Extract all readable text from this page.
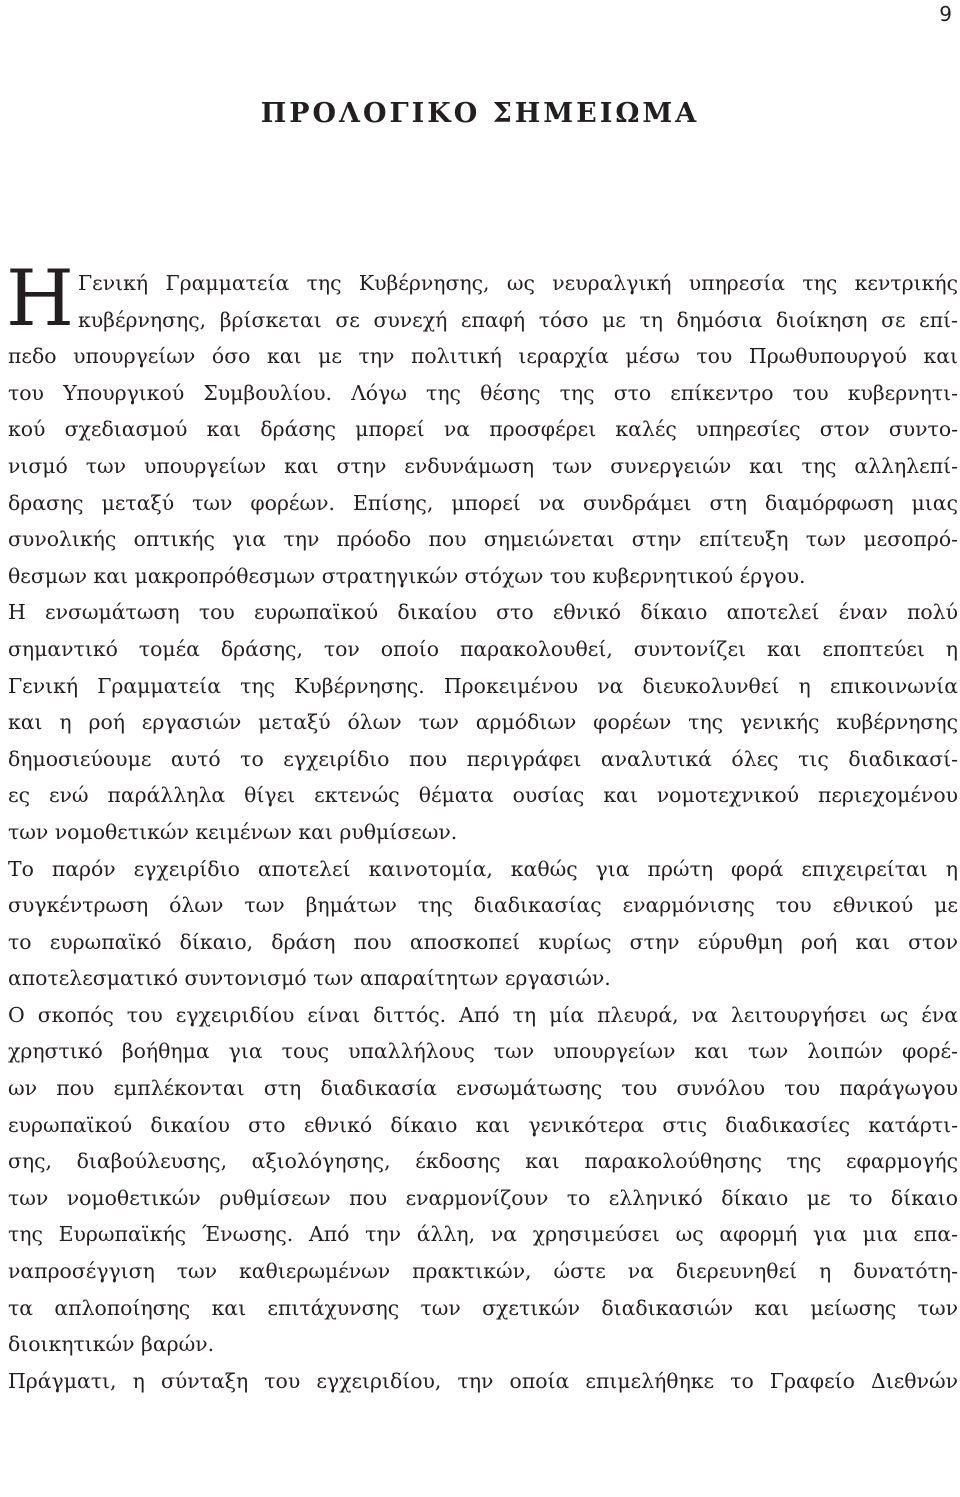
9
ΠΡΟΛΟΓΙΚΟ ΣΗΜΕΙΩΜΑ
Η Γενική Γραμματεία της Κυβέρνησης, ως νευραλγική υπηρεσία της κεντρικής
κυβέρνησης, βρίσκεται σε συνεχή επαφή τόσο με τη δημόσια διοίκηση σε επί-
πεδο υπουργείων όσο και με την πολιτική ιεραρχία μέσω του Πρωθυπουργού και
του Υπουργικού Συμβουλίου. Λόγω της θέσης της στο επίκεντρο του κυβερνητι-
κού σχεδιασμού και δράσης μπορεί να προσφέρει καλές υπηρεσίες στον συντο-
νισμό των υπουργείων και στην ενδυνάμωση των συνεργειών και της αλληλεπί-
δρασης μεταξύ των φορέων. Επίσης, μπορεί να συνδράμει στη διαμόρφωση μιας
συνολικής οπτικής για την πρόοδο που σημειώνεται στην επίτευξη των μεσοπρό-
θεσμων και μακροπρόθεσμων στρατηγικών στόχων του κυβερνητικού έργου.
Η ενσωμάτωση του ευρωπαϊκού δικαίου στο εθνικό δίκαιο αποτελεί έναν πολύ
σημαντικό τομέα δράσης, τον οποίο παρακολουθεί, συντονίζει και εποπτεύει η
Γενική Γραμματεία της Κυβέρνησης. Προκειμένου να διευκολυνθεί η επικοινωνία
και η ροή εργασιών μεταξύ όλων των αρμόδιων φορέων της γενικής κυβέρνησης
δημοσιεύουμε αυτό το εγχειρίδιο που περιγράφει αναλυτικά όλες τις διαδικασί-
ες ενώ παράλληλα θίγει εκτενώς θέματα ουσίας και νομοτεχνικού περιεχομένου
των νομοθετικών κειμένων και ρυθμίσεων.
Το παρόν εγχειρίδιο αποτελεί καινοτομία, καθώς για πρώτη φορά επιχειρείται η
συγκέντρωση όλων των βημάτων της διαδικασίας εναρμόνισης του εθνικού με
το ευρωπαϊκό δίκαιο, δράση που αποσκοπεί κυρίως στην εύρυθμη ροή και στον
αποτελεσματικό συντονισμό των απαραίτητων εργασιών.
Ο σκοπός του εγχειριδίου είναι διττός. Από τη μία πλευρά, να λειτουργήσει ως ένα
χρηστικό βοήθημα για τους υπαλλήλους των υπουργείων και των λοιπών φορέ-
ων που εμπλέκονται στη διαδικασία ενσωμάτωσης του συνόλου του παράγωγου
ευρωπαϊκού δικαίου στο εθνικό δίκαιο και γενικότερα στις διαδικασίες κατάρτι-
σης, διαβούλευσης, αξιολόγησης, έκδοσης και παρακολούθησης της εφαρμογής
των νομοθετικών ρυθμίσεων που εναρμονίζουν το ελληνικό δίκαιο με το δίκαιο
της Ευρωπαϊκής Ένωσης. Από την άλλη, να χρησιμεύσει ως αφορμή για μια επα-
ναπροσέγγιση των καθιερωμένων πρακτικών, ώστε να διερευνηθεί η δυνατότη-
τα απλοποίησης και επιτάχυνσης των σχετικών διαδικασιών και μείωσης των
διοικητικών βαρών.
Πράγματι, η σύνταξη του εγχειριδίου, την οποία επιμελήθηκε το Γραφείο Διεθνών
